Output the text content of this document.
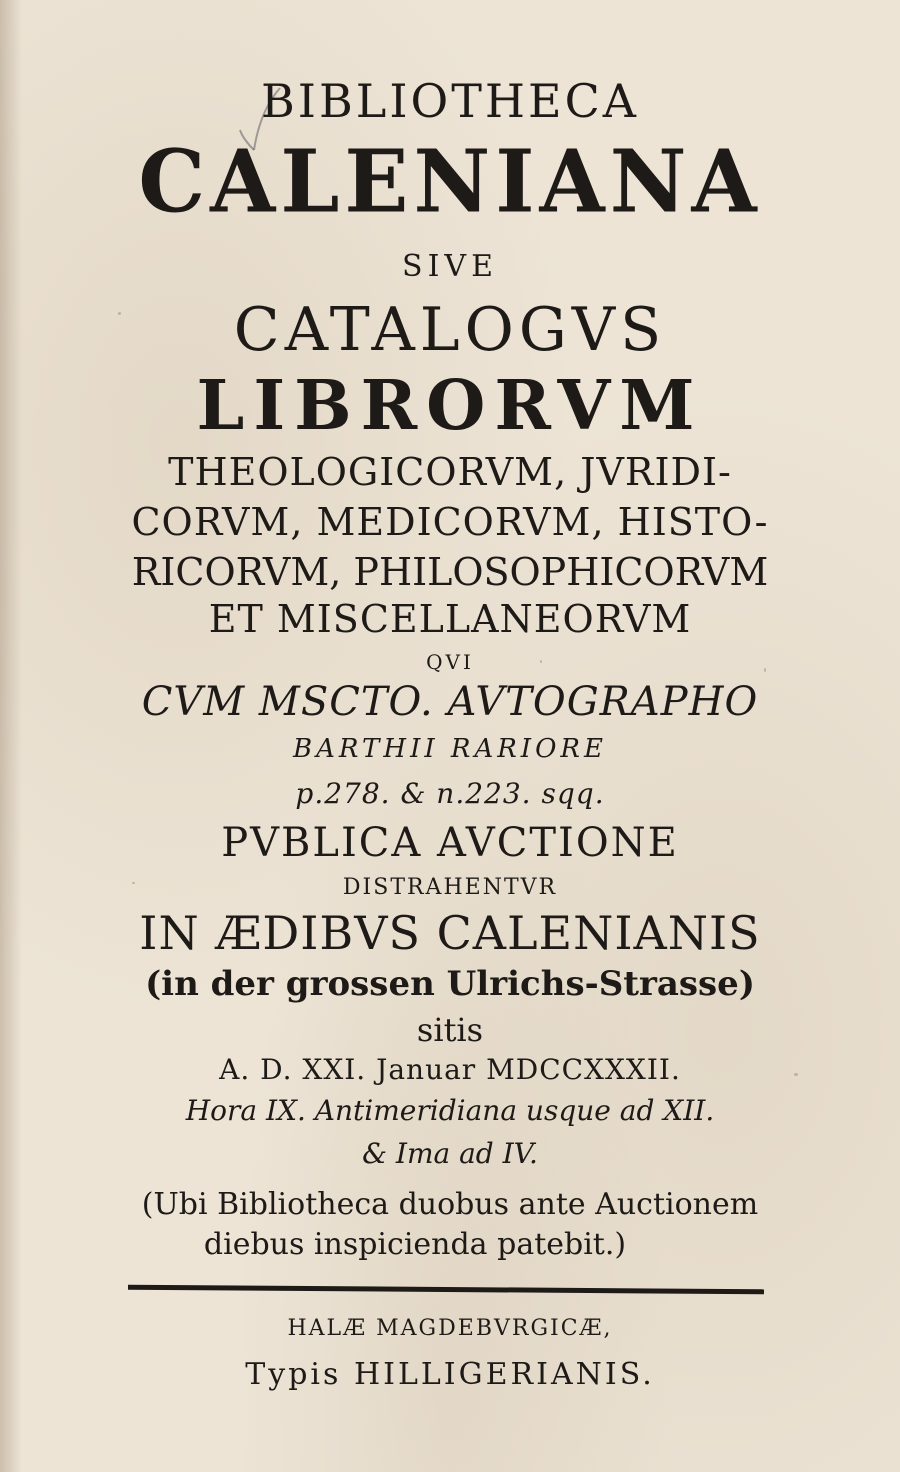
BIBLIOTHECA
CALENIANA
SIVE
CATALOGVS
LIBRORVM
THEOLOGICORVM, JVRIDI-
CORVM, MEDICORVM, HISTO-
RICORVM, PHILOSOPHICORVM
ET MISCELLANEORVM
QVI
CVM MSCTO. AVTOGRAPHO
BARTHII RARIORE
p.278. & n.223. sqq.
PVBLICA AVCTIONE
DISTRAHENTVR
IN ÆDIBVS CALENIANIS
(in der grossen Ulrichs-Strasse)
sitis
A. D. XXI. Januar MDCCXXXII.
Hora IX. Antimeridiana usque ad XII.
& Ima ad IV.
(Ubi Bibliotheca duobus ante Auctionem
diebus inspicienda patebit.)
HALÆ MAGDEBVRGICÆ,
Typis HILLIGERIANIS.
